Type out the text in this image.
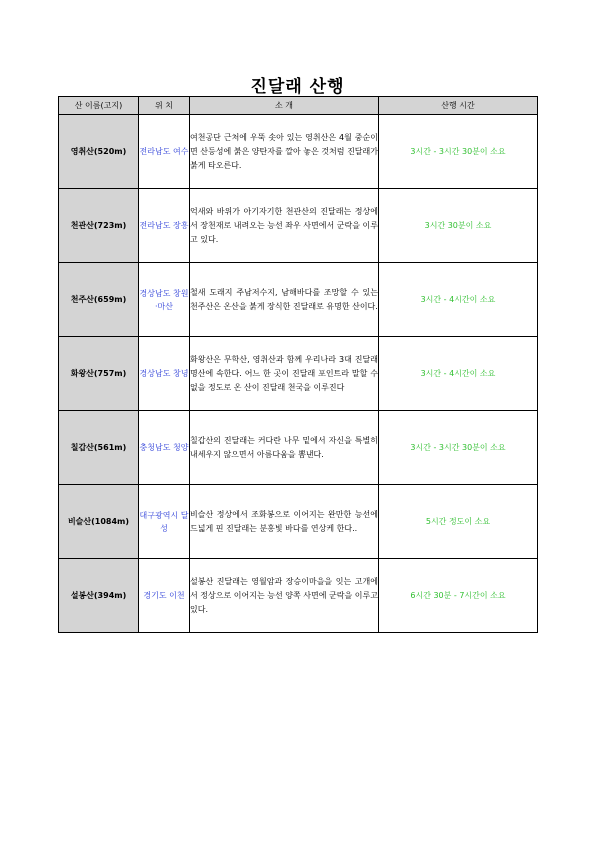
진달래 산행
산 이름(고지)	위 치	소 개	산행 시간
영취산(520m)	전라남도 여수	여천공단 근처에 우뚝 솟아 있는 영취산은 4월 중순이면 산등성에 붉은 양탄자를 깔아 놓은 것처럼 진달래가 붉게 타오른다.	3시간 - 3시간 30분이 소요
천관산(723m)	전라남도 장흥	억새와 바위가 아기자기한 천관산의 진달래는 정상에서 장천재로 내려오는 능선 좌우 사면에서 군락을 이루고 있다.	3시간 30분이 소요
천주산(659m)	경상남도 창원·마산	철새 도래지 주남저수지, 남해바다를 조망할 수 있는 천주산은 온산을 붉게 장식한 진달래로 유명한 산이다.	3시간 - 4시간이 소요
화왕산(757m)	경상남도 창녕	화왕산은 무학산, 영취산과 함께 우리나라 3대 진달래 명산에 속한다. 어느 한 곳이 진달래 포인트라 말할 수 없을 정도로 온 산이 진달래 천국을 이루진다	3시간 - 4시간이 소요
칠갑산(561m)	충청남도 청양	칠갑산의 진달래는 커다란 나무 밑에서 자신을 특별히 내세우지 않으면서 아름다움을 뽐낸다.	3시간 - 3시간 30분이 소요
비슬산(1084m)	대구광역시 달성	비슬산 정상에서 조화봉으로 이어지는 완만한 능선에 드넓게 핀 진달래는 분홍빛 바다를 연상케 한다..	5시간 정도이 소요
설봉산(394m)	경기도 이천	설봉산 진달래는 영월암과 장승이마을을 잇는 고개에서 정상으로 이어지는 능선 양쪽 사면에 군락을 이루고 있다.	6시간 30분 - 7시간이 소요
